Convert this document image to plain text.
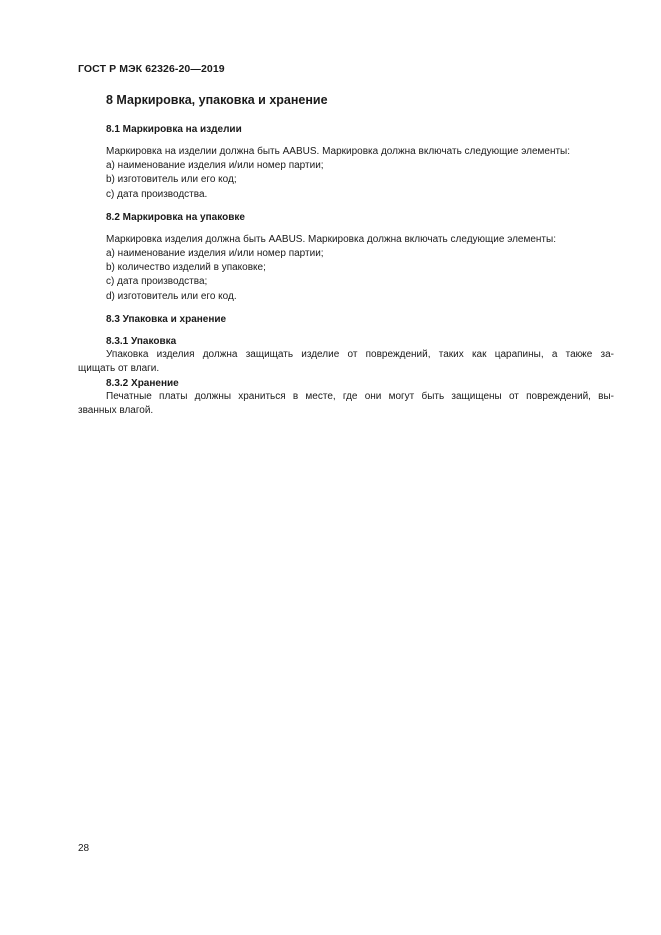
ГОСТ Р МЭК 62326-20—2019
8 Маркировка, упаковка и хранение
8.1 Маркировка на изделии
Маркировка на изделии должна быть AABUS. Маркировка должна включать следующие элементы:
a) наименование изделия и/или номер партии;
b) изготовитель или его код;
c) дата производства.
8.2 Маркировка на упаковке
Маркировка изделия должна быть AABUS. Маркировка должна включать следующие элементы:
a) наименование изделия и/или номер партии;
b) количество изделий в упаковке;
c) дата производства;
d) изготовитель или его код.
8.3 Упаковка и хранение
8.3.1 Упаковка
Упаковка изделия должна защищать изделие от повреждений, таких как царапины, а также за-
щищать от влаги.
8.3.2 Хранение
Печатные платы должны храниться в месте, где они могут быть защищены от повреждений, вы-
званных влагой.
28
